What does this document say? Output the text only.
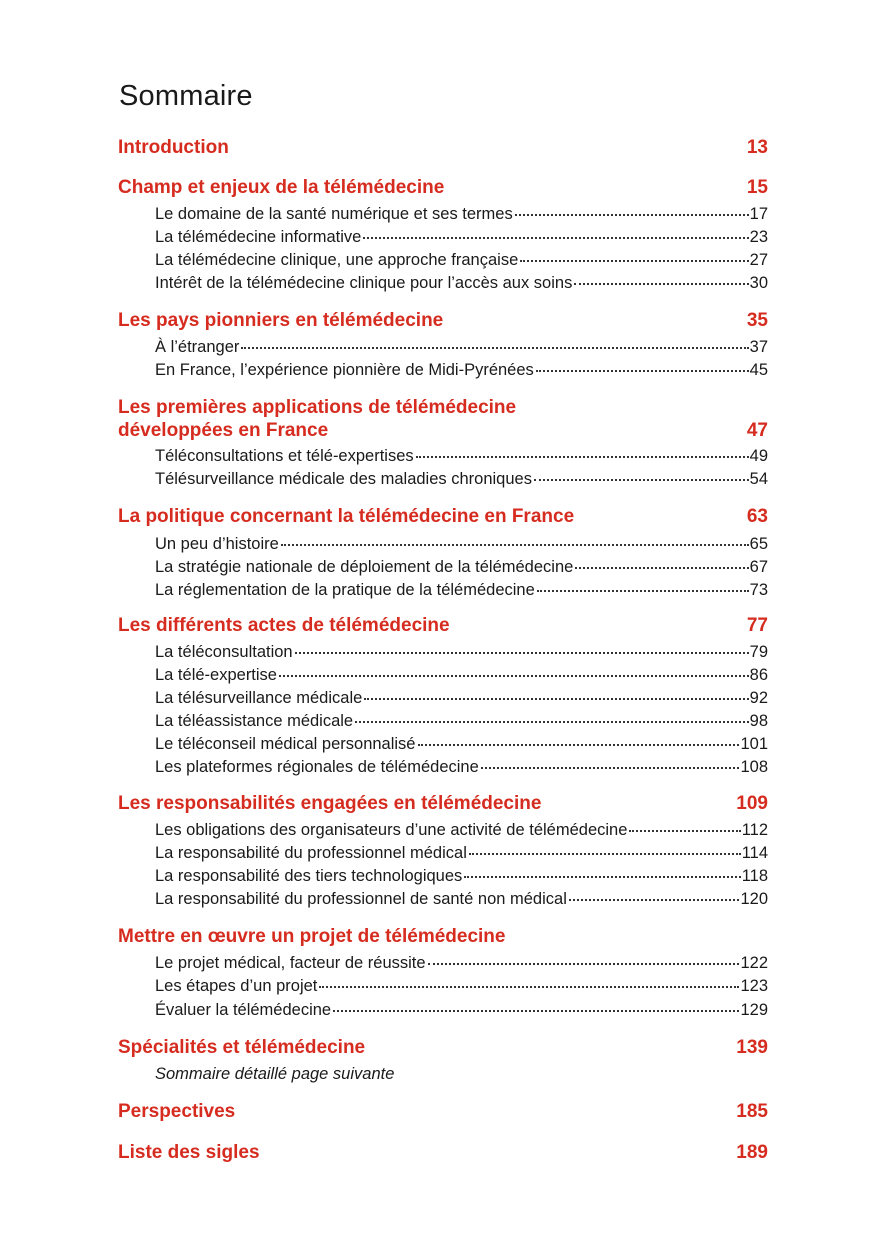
Sommaire
Introduction	13
Champ et enjeux de la télémédecine	15
Le domaine de la santé numérique et ses termes	17
La télémédecine informative	23
La télémédecine clinique, une approche française	27
Intérêt de la télémédecine clinique pour l’accès aux soins	30
Les pays pionniers en télémédecine	35
À l’étranger	37
En France, l’expérience pionnière de Midi-Pyrénées	45
Les premières applications de télémédecine
développées en France	47
Téléconsultations et télé-expertises	49
Télésurveillance médicale des maladies chroniques	54
La politique concernant la télémédecine en France	63
Un peu d’histoire	65
La stratégie nationale de déploiement de la télémédecine	67
La réglementation de la pratique de la télémédecine	73
Les différents actes de télémédecine	77
La téléconsultation	79
La télé-expertise	86
La télésurveillance médicale	92
La téléassistance médicale	98
Le téléconseil médical personnalisé	101
Les plateformes régionales de télémédecine	108
Les responsabilités engagées en télémédecine	109
Les obligations des organisateurs d’une activité de télémédecine	112
La responsabilité du professionnel médical	114
La responsabilité des tiers technologiques	118
La responsabilité du professionnel de santé non médical	120
Mettre en œuvre un projet de télémédecine
Le projet médical, facteur de réussite	122
Les étapes d’un projet	123
Évaluer la télémédecine	129
Spécialités et télémédecine	139
Sommaire détaillé page suivante
Perspectives	185
Liste des sigles	189
